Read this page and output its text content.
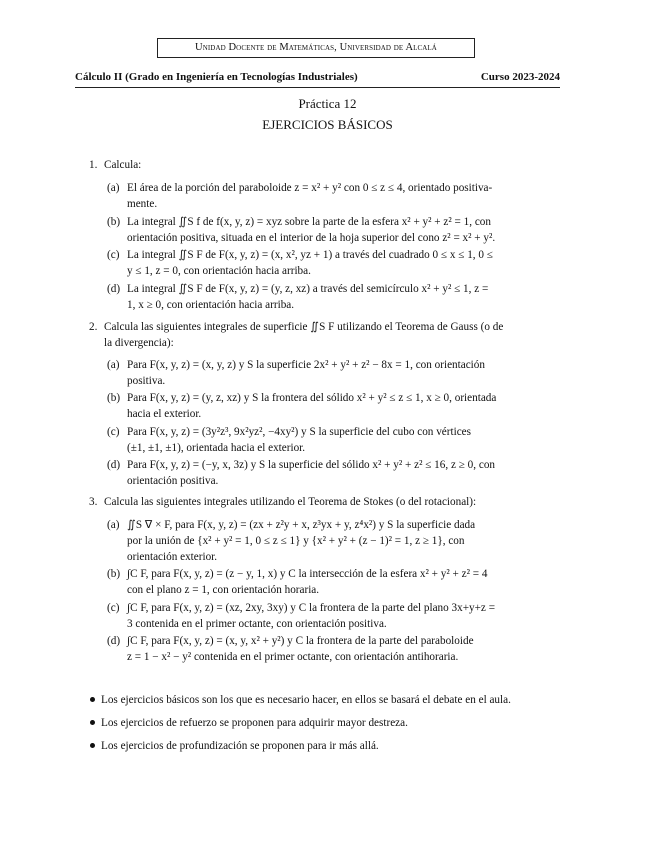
Unidad Docente de Matemáticas, Universidad de Alcalá
Cálculo II (Grado en Ingeniería en Tecnologías Industriales)	Curso 2023-2024
Práctica 12
EJERCICIOS BÁSICOS
1. Calcula:
(a) El área de la porción del paraboloide z = x² + y² con 0 ≤ z ≤ 4, orientado positiva-
mente.
(b) La integral ∬S f de f(x, y, z) = xyz sobre la parte de la esfera x² + y² + z² = 1, con
orientación positiva, situada en el interior de la hoja superior del cono z² = x² + y².
(c) La integral ∬S F de F(x, y, z) = (x, x², yz + 1) a través del cuadrado 0 ≤ x ≤ 1, 0 ≤
y ≤ 1, z = 0, con orientación hacia arriba.
(d) La integral ∬S F de F(x, y, z) = (y, z, xz) a través del semicírculo x² + y² ≤ 1, z =
1, x ≥ 0, con orientación hacia arriba.
2. Calcula las siguientes integrales de superficie ∬S F utilizando el Teorema de Gauss (o de
la divergencia):
(a) Para F(x, y, z) = (x, y, z) y S la superficie 2x² + y² + z² − 8x = 1, con orientación
positiva.
(b) Para F(x, y, z) = (y, z, xz) y S la frontera del sólido x² + y² ≤ z ≤ 1, x ≥ 0, orientada
hacia el exterior.
(c) Para F(x, y, z) = (3y²z³, 9x²yz², −4xy²) y S la superficie del cubo con vértices
(±1, ±1, ±1), orientada hacia el exterior.
(d) Para F(x, y, z) = (−y, x, 3z) y S la superficie del sólido x² + y² + z² ≤ 16, z ≥ 0, con
orientación positiva.
3. Calcula las siguientes integrales utilizando el Teorema de Stokes (o del rotacional):
(a) ∬S ∇ × F, para F(x, y, z) = (zx + z²y + x, z³yx + y, z⁴x²) y S la superficie dada
por la unión de {x² + y² = 1, 0 ≤ z ≤ 1} y {x² + y² + (z − 1)² = 1, z ≥ 1}, con
orientación exterior.
(b) ∫C F, para F(x, y, z) = (z − y, 1, x) y C la intersección de la esfera x² + y² + z² = 4
con el plano z = 1, con orientación horaria.
(c) ∫C F, para F(x, y, z) = (xz, 2xy, 3xy) y C la frontera de la parte del plano 3x+y+z =
3 contenida en el primer octante, con orientación positiva.
(d) ∫C F, para F(x, y, z) = (x, y, x² + y²) y C la frontera de la parte del paraboloide
z = 1 − x² − y² contenida en el primer octante, con orientación antihoraria.
Los ejercicios básicos son los que es necesario hacer, en ellos se basará el debate en el aula.
Los ejercicios de refuerzo se proponen para adquirir mayor destreza.
Los ejercicios de profundización se proponen para ir más allá.
